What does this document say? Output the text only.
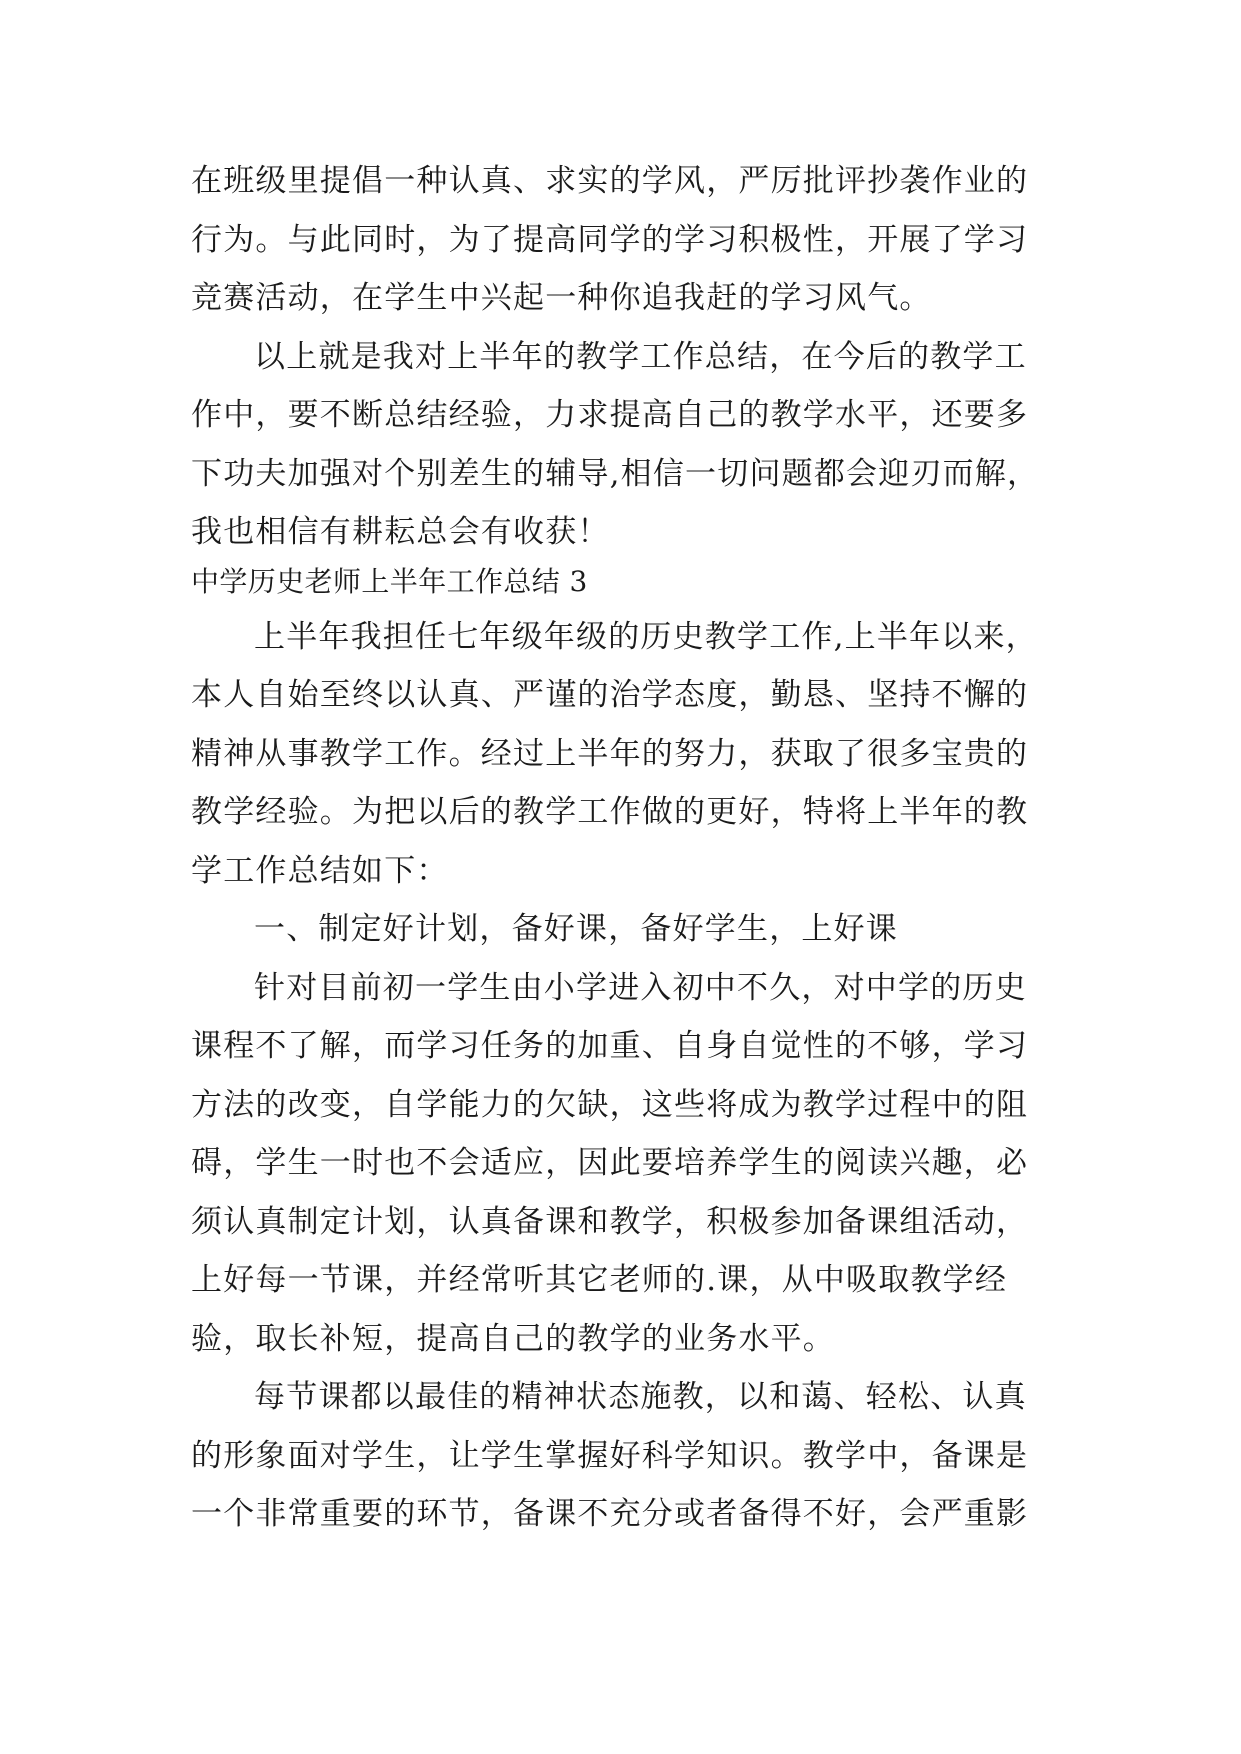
在班级里提倡一种认真、求实的学风，严厉批评抄袭作业的
行为。与此同时，为了提高同学的学习积极性，开展了学习
竞赛活动，在学生中兴起一种你追我赶的学习风气。
以上就是我对上半年的教学工作总结，在今后的教学工
作中，要不断总结经验，力求提高自己的教学水平，还要多
下功夫加强对个别差生的辅导,相信一切问题都会迎刃而解，
我也相信有耕耘总会有收获！
中学历史老师上半年工作总结 3
上半年我担任七年级年级的历史教学工作,上半年以来，
本人自始至终以认真、严谨的治学态度，勤恳、坚持不懈的
精神从事教学工作。经过上半年的努力，获取了很多宝贵的
教学经验。为把以后的教学工作做的更好，特将上半年的教
学工作总结如下：
一、制定好计划，备好课，备好学生，上好课
针对目前初一学生由小学进入初中不久，对中学的历史
课程不了解，而学习任务的加重、自身自觉性的不够，学习
方法的改变，自学能力的欠缺，这些将成为教学过程中的阻
碍，学生一时也不会适应，因此要培养学生的阅读兴趣，必
须认真制定计划，认真备课和教学，积极参加备课组活动，
上好每一节课，并经常听其它老师的.课，从中吸取教学经
验，取长补短，提高自己的教学的业务水平。
每节课都以最佳的精神状态施教，以和蔼、轻松、认真
的形象面对学生，让学生掌握好科学知识。教学中，备课是
一个非常重要的环节，备课不充分或者备得不好，会严重影
